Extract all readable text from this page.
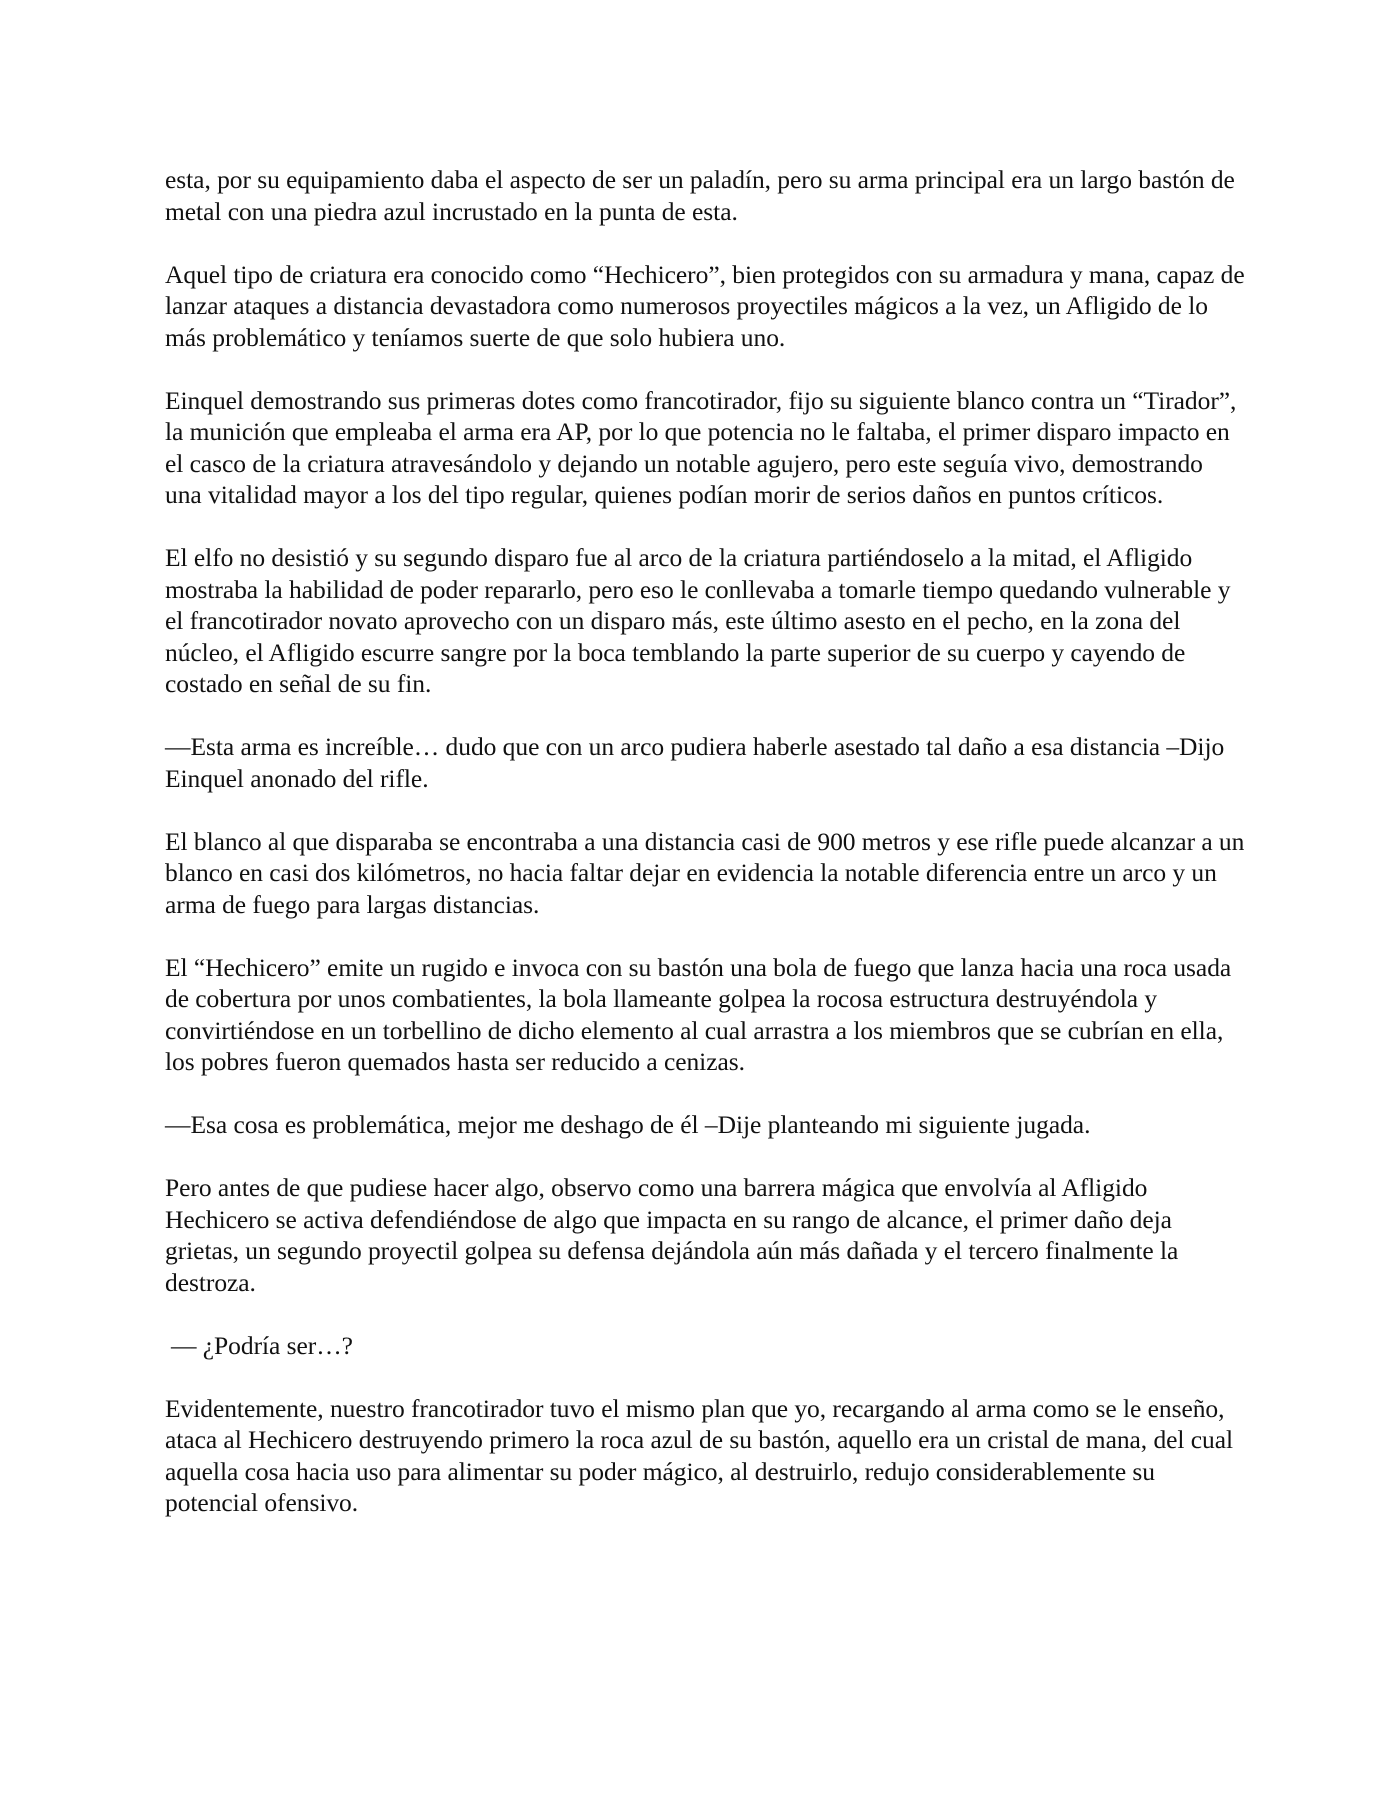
esta, por su equipamiento daba el aspecto de ser un paladín, pero su arma principal era un largo bastón de metal con una piedra azul incrustado en la punta de esta.

Aquel tipo de criatura era conocido como “Hechicero”, bien protegidos con su armadura y mana, capaz de lanzar ataques a distancia devastadora como numerosos proyectiles mágicos a la vez, un Afligido de lo más problemático y teníamos suerte de que solo hubiera uno.

Einquel demostrando sus primeras dotes como francotirador, fijo su siguiente blanco contra un “Tirador”, la munición que empleaba el arma era AP, por lo que potencia no le faltaba, el primer disparo impacto en el casco de la criatura atravesándolo y dejando un notable agujero, pero este seguía vivo, demostrando una vitalidad mayor a los del tipo regular, quienes podían morir de serios daños en puntos críticos.

El elfo no desistió y su segundo disparo fue al arco de la criatura partiéndoselo a la mitad, el Afligido mostraba la habilidad de poder repararlo, pero eso le conllevaba a tomarle tiempo quedando vulnerable y el francotirador novato aprovecho con un disparo más, este último asesto en el pecho, en la zona del núcleo, el Afligido escurre sangre por la boca temblando la parte superior de su cuerpo y cayendo de costado en señal de su fin.

—Esta arma es increíble… dudo que con un arco pudiera haberle asestado tal daño a esa distancia –Dijo Einquel anonado del rifle.

El blanco al que disparaba se encontraba a una distancia casi de 900 metros y ese rifle puede alcanzar a un blanco en casi dos kilómetros, no hacia faltar dejar en evidencia la notable diferencia entre un arco y un arma de fuego para largas distancias.

El “Hechicero” emite un rugido e invoca con su bastón una bola de fuego que lanza hacia una roca usada de cobertura por unos combatientes, la bola llameante golpea la rocosa estructura destruyéndola y convirtiéndose en un torbellino de dicho elemento al cual arrastra a los miembros que se cubrían en ella, los pobres fueron quemados hasta ser reducido a cenizas.

—Esa cosa es problemática, mejor me deshago de él –Dije planteando mi siguiente jugada.

Pero antes de que pudiese hacer algo, observo como una barrera mágica que envolvía al Afligido Hechicero se activa defendiéndose de algo que impacta en su rango de alcance, el primer daño deja grietas, un segundo proyectil golpea su defensa dejándola aún más dañada y el tercero finalmente la destroza.

— ¿Podría ser…?

Evidentemente, nuestro francotirador tuvo el mismo plan que yo, recargando al arma como se le enseño, ataca al Hechicero destruyendo primero la roca azul de su bastón, aquello era un cristal de mana, del cual aquella cosa hacia uso para alimentar su poder mágico, al destruirlo, redujo considerablemente su potencial ofensivo.
